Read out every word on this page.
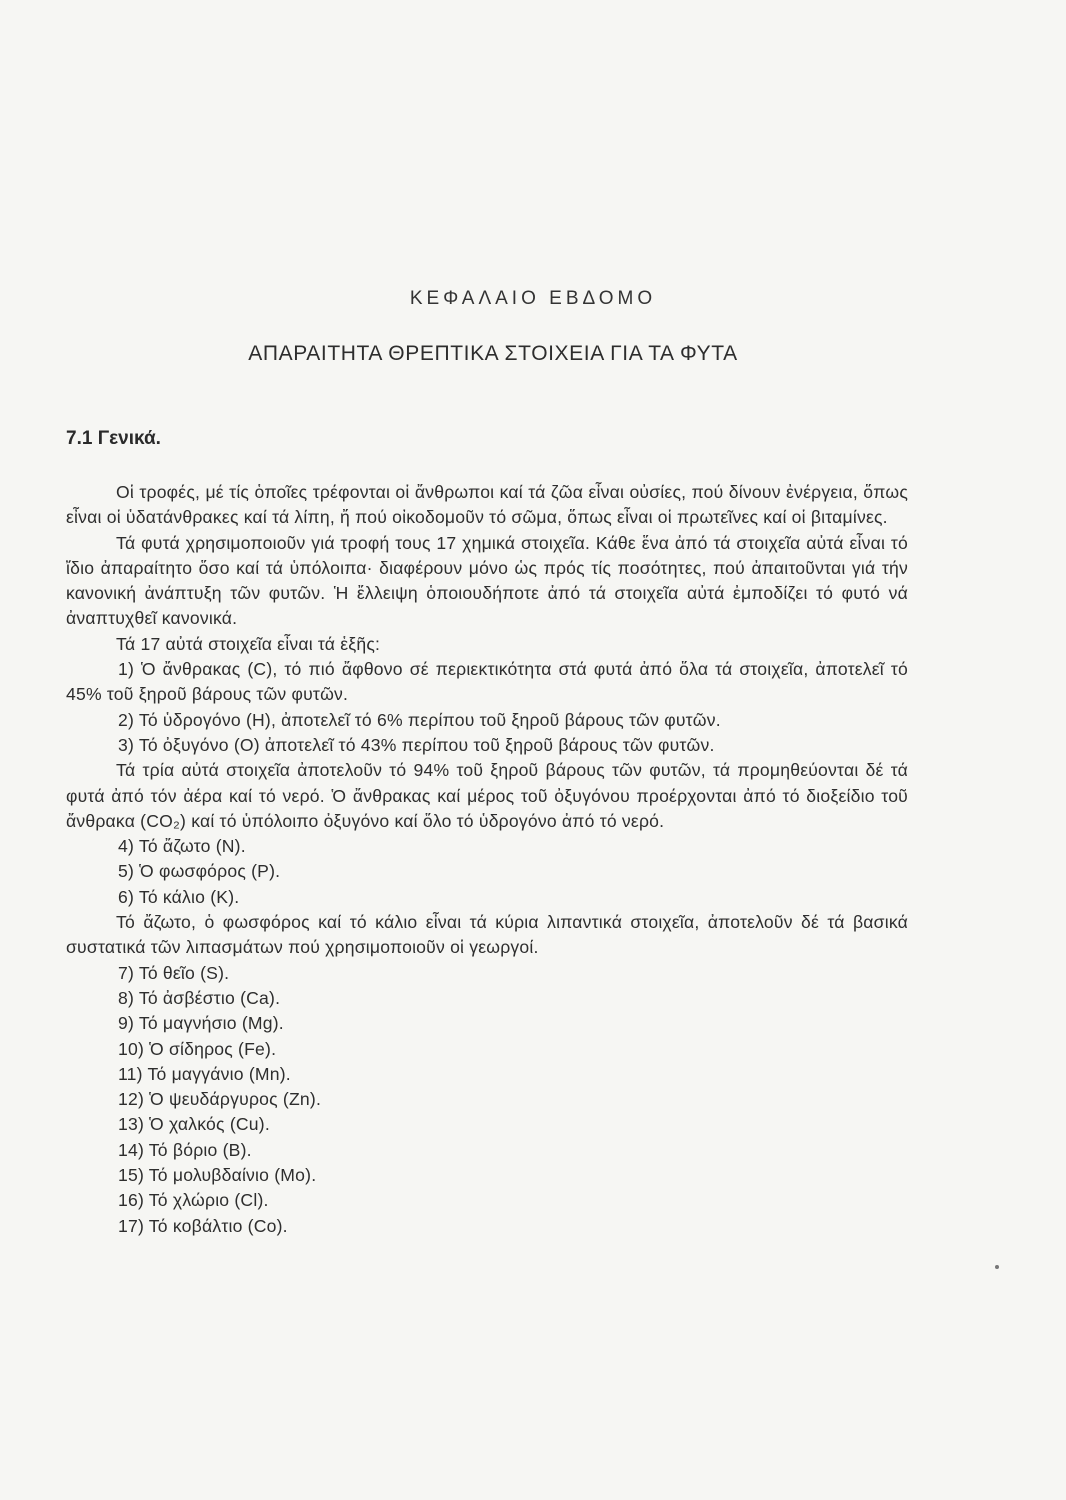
ΚΕΦΑΛΑΙΟ ΕΒΔΟΜΟ
ΑΠΑΡΑΙΤΗΤΑ ΘΡΕΠΤΙΚΑ ΣΤΟΙΧΕΙΑ ΓΙΑ ΤΑ ΦΥΤΑ
7.1 Γενικά.

Οἱ τροφές, μέ τίς ὁποῖες τρέφονται οἱ ἄνθρωποι καί τά ζῶα εἶναι οὐσίες, πού δίνουν ἐνέργεια, ὅπως εἶναι οἱ ὑδατάνθρακες καί τά λίπη, ἤ πού οἰκοδομοῦν τό σῶμα, ὅπως εἶναι οἱ πρωτεῖνες καί οἱ βιταμίνες.

Τά φυτά χρησιμοποιοῦν γιά τροφή τους 17 χημικά στοιχεῖα. Κάθε ἕνα ἀπό τά στοιχεῖα αὐτά εἶναι τό ἴδιο ἀπαραίτητο ὅσο καί τά ὑπόλοιπα· διαφέρουν μόνο ὡς πρός τίς ποσότητες, πού ἀπαιτοῦνται γιά τήν κανονική ἀνάπτυξη τῶν φυτῶν. Ἡ ἔλλειψη ὁποιουδήποτε ἀπό τά στοιχεῖα αὐτά ἐμποδίζει τό φυτό νά ἀναπτυχθεῖ κανονικά.

Τά 17 αὐτά στοιχεῖα εἶναι τά ἑξῆς:

1) Ὁ ἄνθρακας (C), τό πιό ἄφθονο σέ περιεκτικότητα στά φυτά ἀπό ὅλα τά στοιχεῖα, ἀποτελεῖ τό 45% τοῦ ξηροῦ βάρους τῶν φυτῶν.

2) Τό ὑδρογόνο (Η), ἀποτελεῖ τό 6% περίπου τοῦ ξηροῦ βάρους τῶν φυτῶν.

3) Τό ὀξυγόνο (Ο) ἀποτελεῖ τό 43% περίπου τοῦ ξηροῦ βάρους τῶν φυτῶν.

Τά τρία αὐτά στοιχεῖα ἀποτελοῦν τό 94% τοῦ ξηροῦ βάρους τῶν φυτῶν, τά προμηθεύονται δέ τά φυτά ἀπό τόν ἀέρα καί τό νερό. Ὁ ἄνθρακας καί μέρος τοῦ ὀξυγόνου προέρχονται ἀπό τό διοξείδιο τοῦ ἄνθρακα (CO₂) καί τό ὑπόλοιπο ὀξυγόνο καί ὅλο τό ὑδρογόνο ἀπό τό νερό.

4) Τό ἄζωτο (Ν).

5) Ὁ φωσφόρος (Ρ).

6) Τό κάλιο (Κ).

Τό ἄζωτο, ὁ φωσφόρος καί τό κάλιο εἶναι τά κύρια λιπαντικά στοιχεῖα, ἀποτελοῦν δέ τά βασικά συστατικά τῶν λιπασμάτων πού χρησιμοποιοῦν οἱ γεωργοί.

7) Τό θεῖο (S).

8) Τό ἀσβέστιο (Ca).

9) Τό μαγνήσιο (Mg).

10) Ὁ σίδηρος (Fe).

11) Τό μαγγάνιο (Mn).

12) Ὁ ψευδάργυρος (Zn).

13) Ὁ χαλκός (Cu).

14) Τό βόριο (Β).

15) Τό μολυβδαίνιο (Mo).

16) Τό χλώριο (Cl).

17) Τό κοβάλτιο (Co).
